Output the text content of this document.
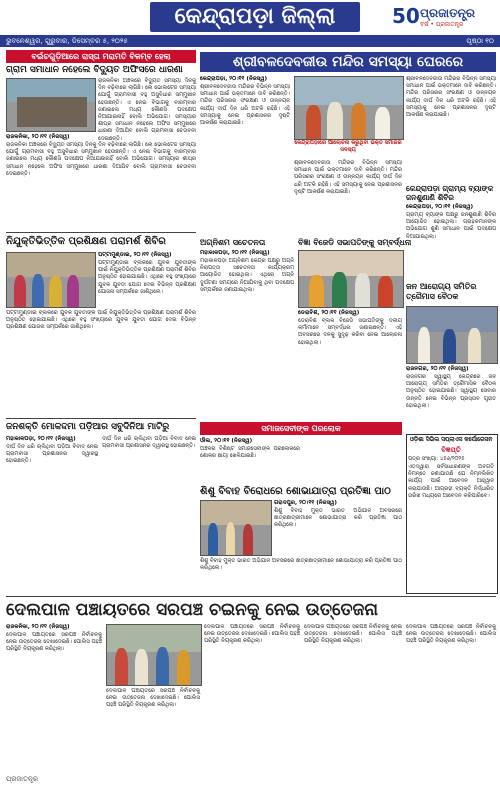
କେନ୍ଦ୍ରାପଡ଼ା ଜିଲ୍ଲା	50 ପ୍ରଜାତନ୍ତ୍ର
ବର୍ଷ • ପ୍ରଜାତନ୍ତ୍ର
ଭୁବନେଶ୍ୱର, ଗୁରୁବାର, ଡିସେମ୍ବର ୫, ୨୦୨୫	ପୃଷ୍ଠା ୧୦
ବଇଁଚଗୁଡ଼ିଆରେ ରାସ୍ତା ମରାମତି ବିଳମ୍ବ ହେଲା
ଗ୍ରାମ ସମାଧାନ ନହେଲେ ବିଦ୍ୟୁତ ଅଫିସରେ ଧାରଣା

ରାଜକନିକା ଅଞ୍ଚଳରେ ବିଦ୍ୟୁତ ସମସ୍ୟା ଦିନକୁ ଦିନ ବଢ଼ିବାରେ ଲାଗିଛି। ଲୋ ଭୋଲଟେଜ ସମସ୍ୟା ଯୋଗୁଁ ଗ୍ରାମବାସୀ ବହୁ ଅସୁବିଧାର ସମ୍ମୁଖୀନ ହେଉଛନ୍ତି। ଏ ନେଇ ବିଭାଗକୁ ବାରମ୍ବାର ଜଣାଇଲେ ମଧ୍ୟ କୌଣସି ପଦକ୍ଷେପ ନିଆଯାଇନାହିଁ ବୋଲି ଅଭିଯୋଗ। ସମସ୍ୟାର ଶୀଘ୍ର ସମାଧାନ ନହେଲେ ଅଫିସ ସମ୍ମୁଖରେ ଧାରଣା ଦିଆଯିବ ବୋଲି ଗ୍ରାମବାସୀ ଚେତାବନୀ ଦେଇଛନ୍ତି।

ରାଜକନିକା, ୨୦।୧୧ (ନିଜସ୍ୱ)

ରାଜକନିକା ଅଞ୍ଚଳରେ ବିଦ୍ୟୁତ ସମସ୍ୟା ଦିନକୁ ଦିନ ବଢ଼ିବାରେ ଲାଗିଛି। ଲୋ ଭୋଲଟେଜ ସମସ୍ୟା ଯୋଗୁଁ ଗ୍ରାମବାସୀ ବହୁ ଅସୁବିଧାର ସମ୍ମୁଖୀନ ହେଉଛନ୍ତି। ଏ ନେଇ ବିଭାଗକୁ ବାରମ୍ବାର ଜଣାଇଲେ ମଧ୍ୟ କୌଣସି ପଦକ୍ଷେପ ନିଆଯାଇନାହିଁ ବୋଲି ଅଭିଯୋଗ। ସମସ୍ୟାର ଶୀଘ୍ର ସମାଧାନ ନହେଲେ ଅଫିସ ସମ୍ମୁଖରେ ଧାରଣା ଦିଆଯିବ ବୋଲି ଗ୍ରାମବାସୀ ଚେତାବନୀ ଦେଇଛନ୍ତି।

ଶ୍ରୀବଳଦେବଜୀଉ ମନ୍ଦିର ସମସ୍ୟା ଘେରରେ
କେନ୍ଦ୍ରାପଡ଼ା, ୨୦।୧୧ (ନିଜସ୍ୱ)

ଶ୍ରୀବଳଦେବଜୀଉ ମନ୍ଦିରର ବିଭିନ୍ନ ସମସ୍ୟା ସମାଧାନ ପାଇଁ ଭକ୍ତମାନେ ଦାବି କରିଛନ୍ତି। ମନ୍ଦିର ପରିସରର ସଂରକ୍ଷଣ ଓ ଉନ୍ନୟନ କାର୍ଯ୍ୟ ଦୀର୍ଘ ଦିନ ଧରି ଅଟକି ରହିଛି। ଏହି ସମସ୍ୟାକୁ ନେଇ ପ୍ରଶାସନର ଦୃଷ୍ଟି ଆକର୍ଷଣ କରାଯାଇଛି।

ଶ୍ରୀବଳଦେବଜୀଉ ମନ୍ଦିରର ବିଭିନ୍ନ ସମସ୍ୟା ସମାଧାନ ପାଇଁ ଭକ୍ତମାନେ ଦାବି କରିଛନ୍ତି। ମନ୍ଦିର ପରିସରର ସଂରକ୍ଷଣ ଓ ଉନ୍ନୟନ କାର୍ଯ୍ୟ ଦୀର୍ଘ ଦିନ ଧରି ଅଟକି ରହିଛି। ଏହି ସମସ୍ୟାକୁ ନେଇ ପ୍ରଶାସନର ଦୃଷ୍ଟି ଆକର୍ଷଣ କରାଯାଇଛି।

କେନ୍ଦ୍ରାପଡ଼ାରେ ଆଲୋଚନା କରୁଥିବା ଭକ୍ତ ସମାଜର ସଦସ୍ୟ

ଶ୍ରୀବଳଦେବଜୀଉ ମନ୍ଦିରର ବିଭିନ୍ନ ସମସ୍ୟା ସମାଧାନ ପାଇଁ ଭକ୍ତମାନେ ଦାବି କରିଛନ୍ତି। ମନ୍ଦିର ପରିସରର ସଂରକ୍ଷଣ ଓ ଉନ୍ନୟନ କାର୍ଯ୍ୟ ଦୀର୍ଘ ଦିନ ଧରି ଅଟକି ରହିଛି। ଏହି ସମସ୍ୟାକୁ ନେଇ ପ୍ରଶାସନର ଦୃଷ୍ଟି ଆକର୍ଷଣ କରାଯାଇଛି।

ନିଯୁକ୍ତିଭିତ୍ତିକ ପ୍ରଶିକ୍ଷଣ ପରାମର୍ଶ ଶିବିର
ପଟ୍ଟାମୁଣ୍ଡାଇ, ୨୦।୧୧ (ନିଜସ୍ୱ)

ପଟ୍ଟାମୁଣ୍ଡାଇ ବ୍ଲକରେ ଯୁବକ ଯୁବତୀଙ୍କ ପାଇଁ ନିଯୁକ୍ତିଭିତ୍ତିକ ପ୍ରଶିକ୍ଷଣ ପରାମର୍ଶ ଶିବିର ଅନୁଷ୍ଠିତ ହୋଇଯାଇଛି। ଏଥିରେ ବହୁ ସଂଖ୍ୟାରେ ଯୁବକ ଯୁବତୀ ଯୋଗ ଦେଇ ବିଭିନ୍ନ ପ୍ରଶିକ୍ଷଣ ଯୋଜନା ସମ୍ପର୍କରେ ଜାଣିଥିଲେ।

ପଟ୍ଟାମୁଣ୍ଡାଇ ବ୍ଲକରେ ଯୁବକ ଯୁବତୀଙ୍କ ପାଇଁ ନିଯୁକ୍ତିଭିତ୍ତିକ ପ୍ରଶିକ୍ଷଣ ପରାମର୍ଶ ଶିବିର ଅନୁଷ୍ଠିତ ହୋଇଯାଇଛି। ଏଥିରେ ବହୁ ସଂଖ୍ୟାରେ ଯୁବକ ଯୁବତୀ ଯୋଗ ଦେଇ ବିଭିନ୍ନ ପ୍ରଶିକ୍ଷଣ ଯୋଜନା ସମ୍ପର୍କରେ ଜାଣିଥିଲେ।

ଅଗ୍ନିଶମ ସଚେତନତା
ମହାକାଳପଡ଼ା, ୨୦।୧୧ (ନିଜସ୍ୱ)

ମହାକାଳପଡ଼ା ଅଗ୍ନିଶମ କେନ୍ଦ୍ର ପକ୍ଷରୁ ଅଗ୍ନି ନିରାପତ୍ତା ସଚେତନତା କାର୍ଯ୍ୟକ୍ରମ ଆୟୋଜିତ ହୋଇଥିଲା। ଏଥିରେ ଅଗ୍ନି ଦୁର୍ଘଟଣା ସମୟରେ ନିଆଯିବାକୁ ଥିବା ପଦକ୍ଷେପ ସମ୍ପର୍କରେ ଜଣାଯାଇଥିଲା।

ବିଜ୍ଞା ବିଜେଡି ସଭାପତିଙ୍କୁ ସମ୍ବର୍ଦ୍ଧନା
ଡେରାବିଶ, ୨୦।୧୧ (ନିଜସ୍ୱ)

ଡେରାବିଶ ବ୍ଲକ ବିଜେଡି ସଭାପତିଙ୍କୁ ଦଳୀୟ କର୍ମୀମାନେ ସମ୍ବର୍ଦ୍ଧନା ଜଣାଇଛନ୍ତି। ଏହି ଅବସରରେ ଦଳକୁ ସୁଦୃଢ଼ କରିବା ନେଇ ଆଲୋଚନା ହୋଇଥିଲା।

କେନ୍ଦ୍ରାପଡ଼ା ଗ୍ରାମ୍ୟ ବ୍ୟାଙ୍କ ଜନଶୁଣାଣି ଶିବିର
କେନ୍ଦ୍ରାପଡ଼ା, ୨୦।୧୧ (ନିଜସ୍ୱ)

ଗ୍ରାମ୍ୟ ବ୍ୟାଙ୍କ ପକ୍ଷରୁ ଜନଶୁଣାଣି ଶିବିର ଆୟୋଜିତ ହୋଇଥିଲା। ଗ୍ରାହକମାନଙ୍କ ଅଭିଯୋଗ ଶୁଣି ସମାଧାନ ପାଇଁ ପଦକ୍ଷେପ ନିଆଯାଇଥିଲା।

ଜନ ଆରୋଗ୍ୟ ସମିତିର ତ୍ରୈମାସ ବୈଠକ
ରାଜନଗର, ୨୦।୧୧ (ନିଜସ୍ୱ)

ରାଜନଗର ସ୍ୱାସ୍ଥ୍ୟ କେନ୍ଦ୍ରରେ ଜନ ଆରୋଗ୍ୟ ସମିତିର ତ୍ରୈମାସିକ ବୈଠକ ଅନୁଷ୍ଠିତ ହୋଇଯାଇଛି। ସ୍ୱାସ୍ଥ୍ୟ ସେବାର ଉନ୍ନତି ନେଇ ବିଭିନ୍ନ ପ୍ରସ୍ତାବ ଗୃହୀତ ହୋଇଥିଲା।

ସମାଜସେବୀଙ୍କ ପରଲୋକ
ଔଲ, ୨୦।୧୧ (ନିଜସ୍ୱ)

ଅଞ୍ଚଳର ବିଶିଷ୍ଟ ସମାଜସେବୀଙ୍କ ପରଲୋକରେ ଶୋକର ଛାୟା ଖେଳିଯାଇଛି।

ଶିଶୁ ବିବାହ ବିରୋଧରେ ଶୋଭାଯାତ୍ରା ପ୍ରତିଜ୍ଞା ପାଠ
ଗରାଦପୁର, ୨୦।୧୧ (ନିଜସ୍ୱ)

ଶିଶୁ ବିବାହ ମୁକ୍ତ ଭାରତ ଅଭିଯାନ ଅବସରରେ ଛାତ୍ରଛାତ୍ରୀମାନେ ଶୋଭାଯାତ୍ରା କରି ପ୍ରତିଜ୍ଞା ପାଠ କରିଥିଲେ।

ଶିଶୁ ବିବାହ ମୁକ୍ତ ଭାରତ ଅଭିଯାନ ଅବସରରେ ଛାତ୍ରଛାତ୍ରୀମାନେ ଶୋଭାଯାତ୍ରା କରି ପ୍ରତିଜ୍ଞା ପାଠ କରିଥିଲେ।

ଜନଶକ୍ତି ମୋକଦ୍ଦମା ପଡ଼ିଆର ସବୁଦିନିଆ ମାଟିରୁ
ମହାକାଳପଡ଼ା, ୨୦।୧୧ (ନିଜସ୍ୱ)

ଦୀର୍ଘ ଦିନ ଧରି ଚାଲିଥିବା ପଡ଼ିଆ ବିବାଦ ନେଇ ଗ୍ରାମବାସୀ ପ୍ରଶାସନର ଦ୍ୱାରସ୍ଥ ହୋଇଛନ୍ତି।

ଦୀର୍ଘ ଦିନ ଧରି ଚାଲିଥିବା ପଡ଼ିଆ ବିବାଦ ନେଇ ଗ୍ରାମବାସୀ ପ୍ରଶାସନର ଦ୍ୱାରସ୍ଥ ହୋଇଛନ୍ତି।

ଓଡ଼ିଶା ସିଭିଲ ସପ୍ଲାଏସ କର୍ପୋରେସନ
ବିଜ୍ଞପ୍ତି
ପତ୍ର ସଂଖ୍ୟା: ୪୫୬/୨୦୨୫

ଏତଦ୍ୱାରା ସର୍ବସାଧାରଣଙ୍କ ଅବଗତି ନିମନ୍ତେ ଜଣାଯାଉଛି ଯେ ନିମ୍ନଲିଖିତ କାର୍ଯ୍ୟ ପାଇଁ ଆବେଦନ ଆହ୍ୱାନ କରାଯାଉଛି। ଆଗ୍ରହୀ ବ୍ୟକ୍ତି ନିର୍ଦ୍ଧାରିତ ତାରିଖ ମଧ୍ୟରେ ଆବେଦନ କରିପାରିବେ।

ଦେଲପାଳ ପଞ୍ଚାୟତରେ ସରପଞ୍ଚ ଚଇନକୁ ନେଇ ଉତ୍ତେଜନା
ରାଜକନିକା, ୨୦।୧୧ (ନିଜସ୍ୱ)

ଦେଲପାଳ ପଞ୍ଚାୟତରେ ସରପଞ୍ଚ ନିର୍ବାଚନକୁ ନେଇ ଉତ୍ତେଜନା ଦେଖାଦେଇଛି। ପୋଲିସ ପହଞ୍ଚି ପରିସ୍ଥିତି ନିୟନ୍ତ୍ରଣ କରିଥିଲା।

ଦେଲପାଳ ପଞ୍ଚାୟତରେ ସରପଞ୍ଚ ନିର୍ବାଚନକୁ ନେଇ ଉତ୍ତେଜନା ଦେଖାଦେଇଛି। ପୋଲିସ ପହଞ୍ଚି ପରିସ୍ଥିତି ନିୟନ୍ତ୍ରଣ କରିଥିଲା।

ଦେଲପାଳ ପଞ୍ଚାୟତରେ ସରପଞ୍ଚ ନିର୍ବାଚନକୁ ନେଇ ଉତ୍ତେଜନା ଦେଖାଦେଇଛି। ପୋଲିସ ପହଞ୍ଚି ପରିସ୍ଥିତି ନିୟନ୍ତ୍ରଣ କରିଥିଲା।

ଦେଲପାଳ ପଞ୍ଚାୟତରେ ସରପଞ୍ଚ ନିର୍ବାଚନକୁ ନେଇ ଉତ୍ତେଜନା ଦେଖାଦେଇଛି। ପୋଲିସ ପହଞ୍ଚି ପରିସ୍ଥିତି ନିୟନ୍ତ୍ରଣ କରିଥିଲା।

ଦେଲପାଳ ପଞ୍ଚାୟତରେ ସରପଞ୍ଚ ନିର୍ବାଚନକୁ ନେଇ ଉତ୍ତେଜନା ଦେଖାଦେଇଛି। ପୋଲିସ ପହଞ୍ଚି ପରିସ୍ଥିତି ନିୟନ୍ତ୍ରଣ କରିଥିଲା।

ପ୍ରଜାତନ୍ତ୍ର
